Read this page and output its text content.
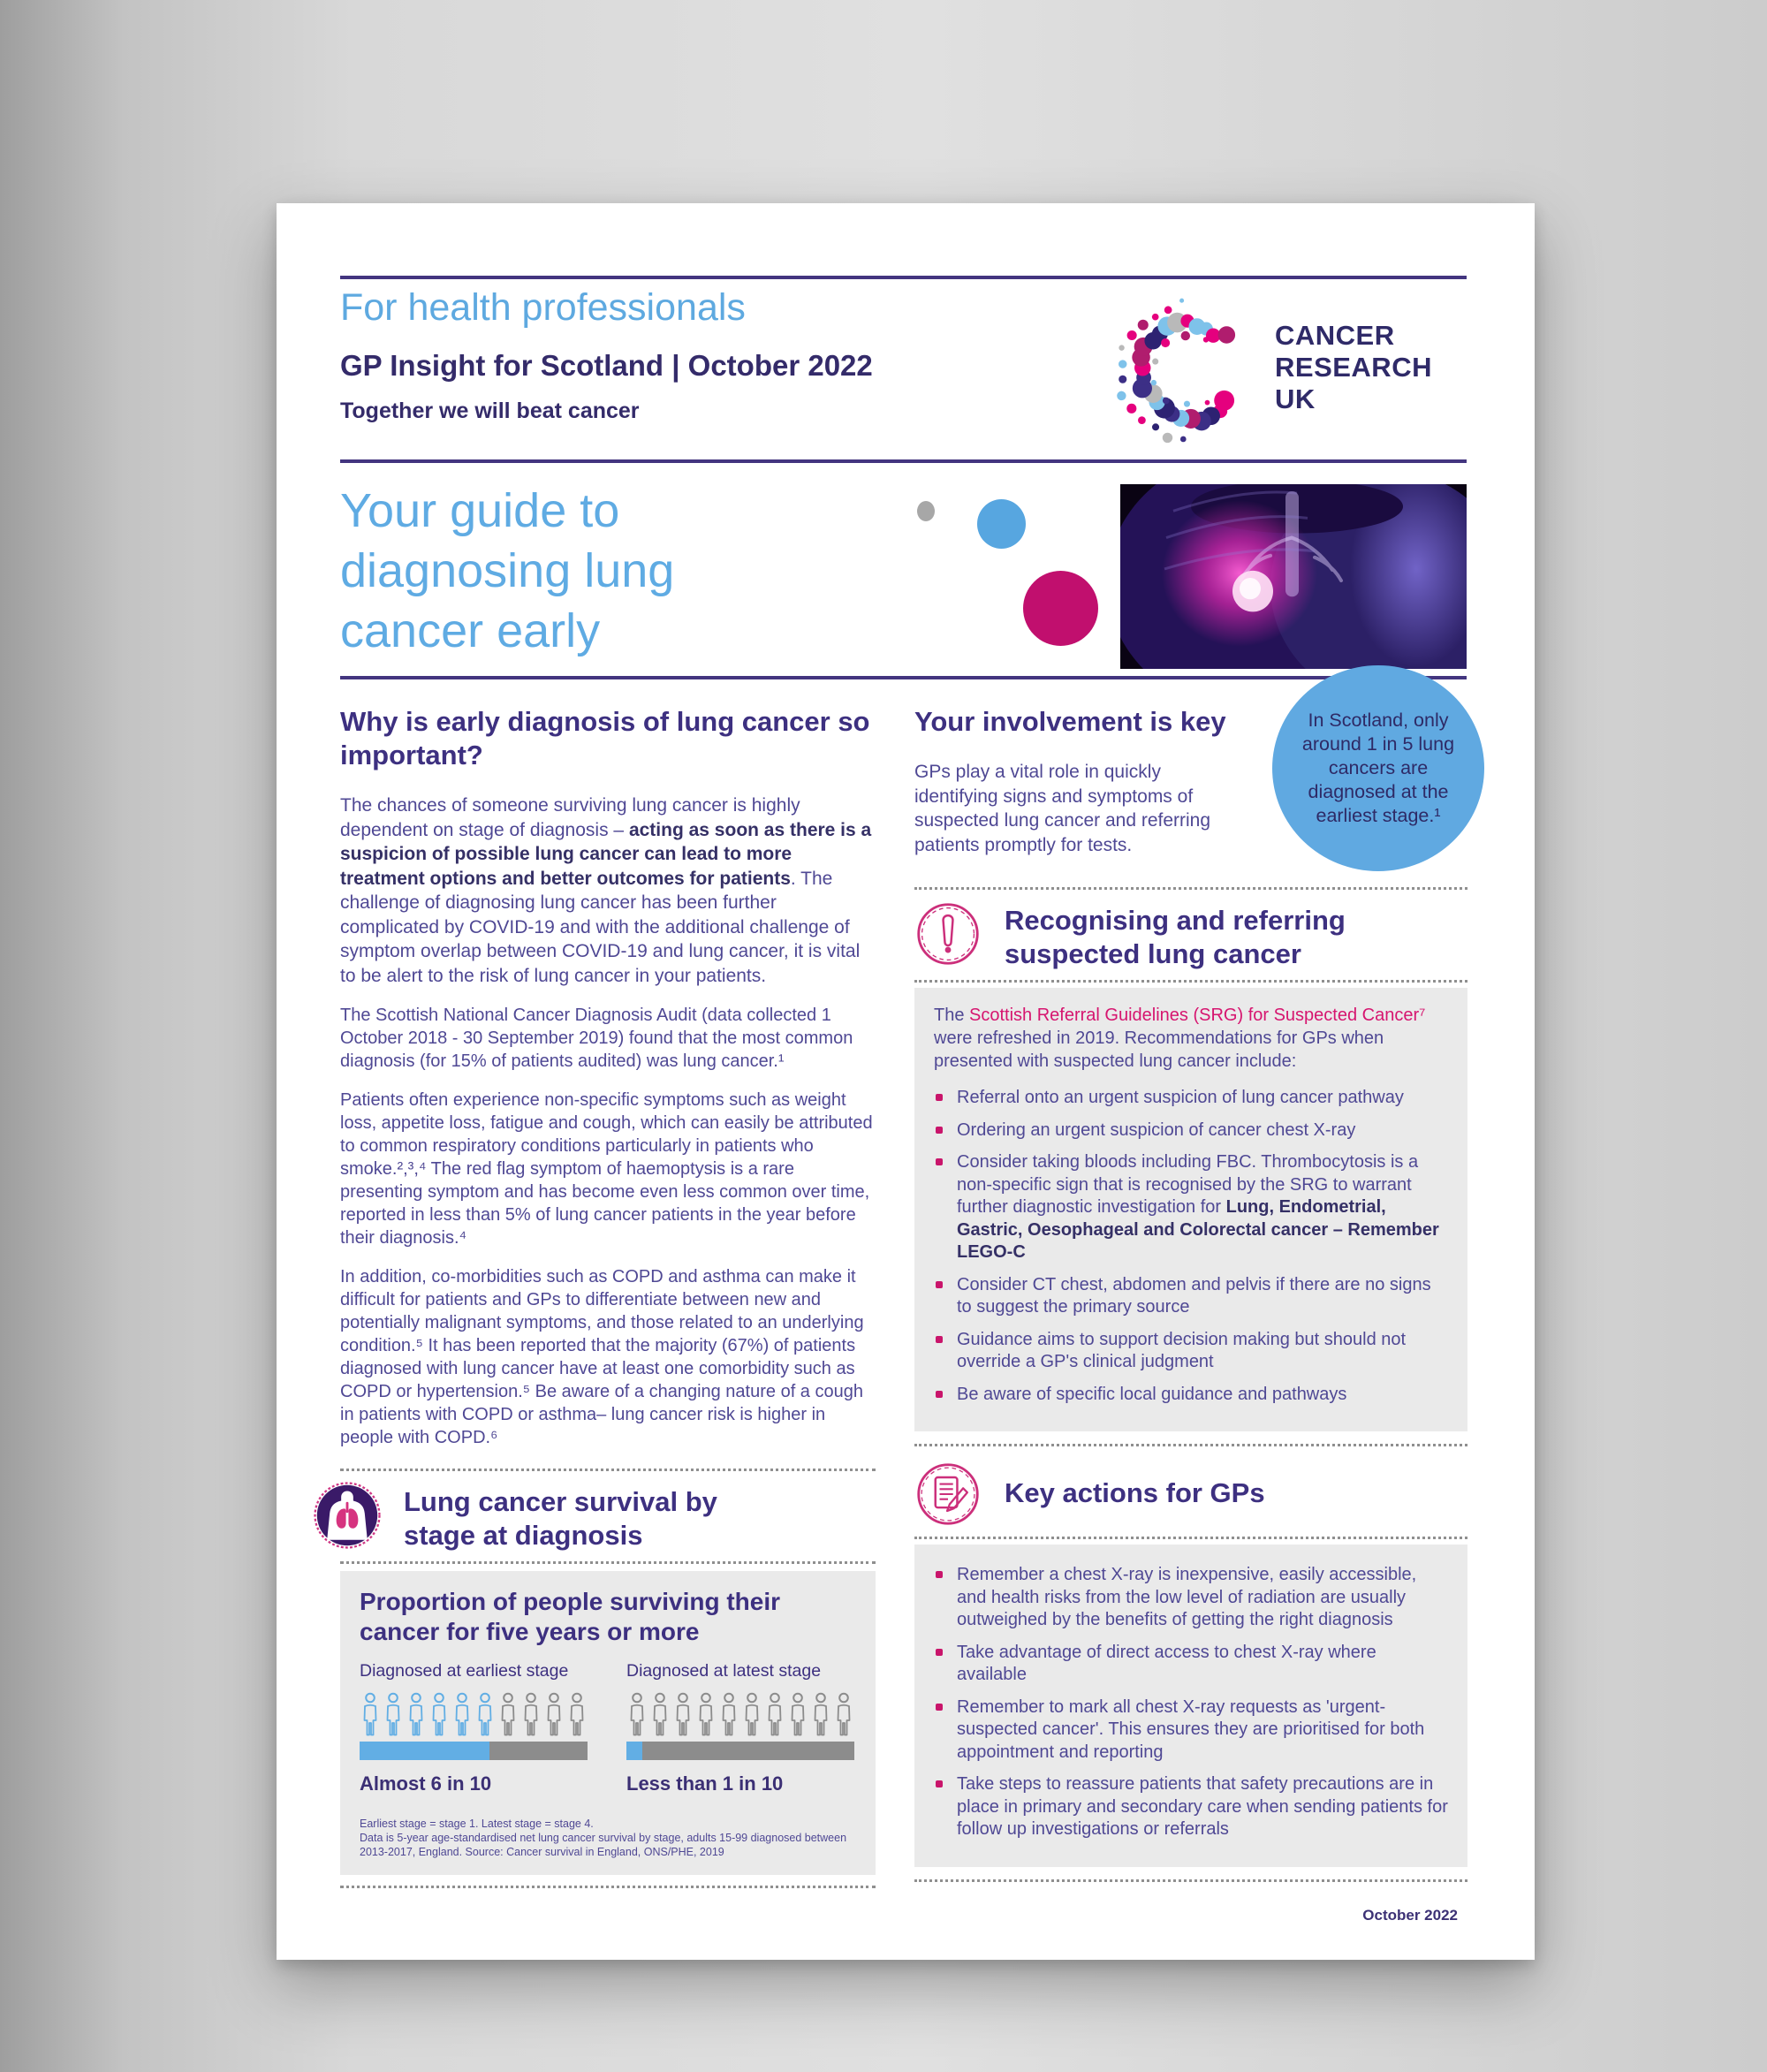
For health professionals
GP Insight for Scotland | October 2022
Together we will beat cancer
CANCER
RESEARCH
UK
Your guide to diagnosing lung cancer early
In Scotland, only around 1 in 5 lung cancers are diagnosed at the earliest stage.¹
Why is early diagnosis of lung cancer so important?

The chances of someone surviving lung cancer is highly dependent on stage of diagnosis – acting as soon as there is a suspicion of possible lung cancer can lead to more treatment options and better outcomes for patients. The challenge of diagnosing lung cancer has been further complicated by COVID-19 and with the additional challenge of symptom overlap between COVID-19 and lung cancer, it is vital to be alert to the risk of lung cancer in your patients.

The Scottish National Cancer Diagnosis Audit (data collected 1 October 2018 - 30 September 2019) found that the most common diagnosis (for 15% of patients audited) was lung cancer.¹

Patients often experience non-specific symptoms such as weight loss, appetite loss, fatigue and cough, which can easily be attributed to common respiratory conditions particularly in patients who smoke.²,³,⁴ The red flag symptom of haemoptysis is a rare presenting symptom and has become even less common over time, reported in less than 5% of lung cancer patients in the year before their diagnosis.⁴

In addition, co-morbidities such as COPD and asthma can make it difficult for patients and GPs to differentiate between new and potentially malignant symptoms, and those related to an underlying condition.⁵ It has been reported that the majority (67%) of patients diagnosed with lung cancer have at least one comorbidity such as COPD or hypertension.⁵ Be aware of a changing nature of a cough in patients with COPD or asthma– lung cancer risk is higher in people with COPD.⁶

Lung cancer survival by stage at diagnosis

Proportion of people surviving their cancer for five years or more

Diagnosed at earliest stage
Almost 6 in 10
Diagnosed at latest stage
Less than 1 in 10
Earliest stage = stage 1. Latest stage = stage 4.
Data is 5-year age-standardised net lung cancer survival by stage, adults 15-99 diagnosed between 2013-2017, England. Source: Cancer survival in England, ONS/PHE, 2019
Your involvement is key

GPs play a vital role in quickly identifying signs and symptoms of suspected lung cancer and referring patients promptly for tests.

Recognising and referring suspected lung cancer

The Scottish Referral Guidelines (SRG) for Suspected Cancer⁷ were refreshed in 2019. Recommendations for GPs when presented with suspected lung cancer include:

Referral onto an urgent suspicion of lung cancer pathway
Ordering an urgent suspicion of cancer chest X-ray
Consider taking bloods including FBC. Thrombocytosis is a non-specific sign that is recognised by the SRG to warrant further diagnostic investigation for Lung, Endometrial, Gastric, Oesophageal and Colorectal cancer – Remember LEGO-C
Consider CT chest, abdomen and pelvis if there are no signs to suggest the primary source
Guidance aims to support decision making but should not override a GP's clinical judgment
Be aware of specific local guidance and pathways
Key actions for GPs
Remember a chest X-ray is inexpensive, easily accessible, and health risks from the low level of radiation are usually outweighed by the benefits of getting the right diagnosis
Take advantage of direct access to chest X-ray where available
Remember to mark all chest X-ray requests as 'urgent-suspected cancer'. This ensures they are prioritised for both appointment and reporting
Take steps to reassure patients that safety precautions are in place in primary and secondary care when sending patients for follow up investigations or referrals
October 2022
